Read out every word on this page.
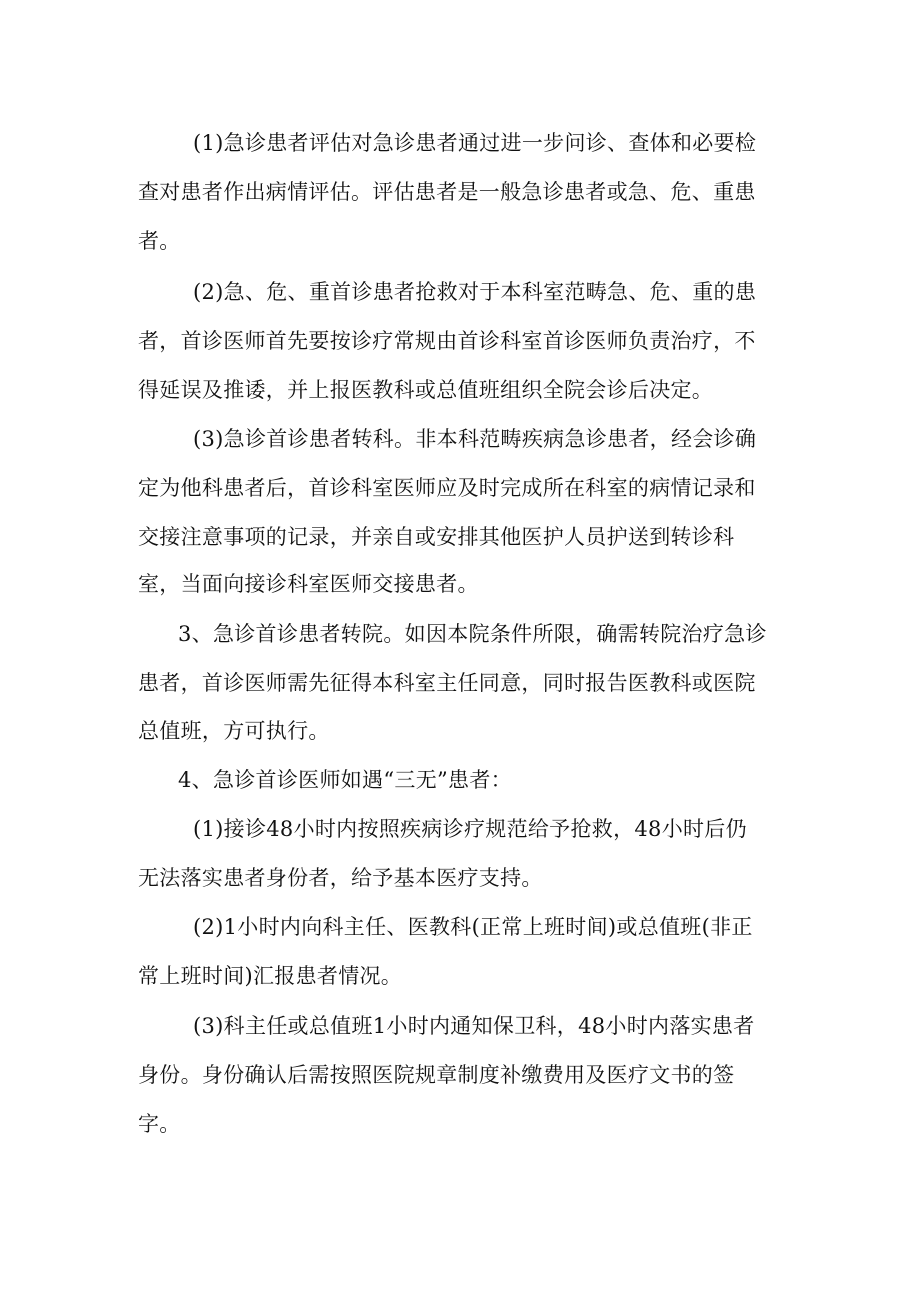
(1)急诊患者评估对急诊患者通过进一步问诊、查体和必要检
查对患者作出病情评估。评估患者是一般急诊患者或急、危、重患
者。
(2)急、危、重首诊患者抢救对于本科室范畴急、危、重的患
者，首诊医师首先要按诊疗常规由首诊科室首诊医师负责治疗，不
得延误及推诿，并上报医教科或总值班组织全院会诊后决定。
(3)急诊首诊患者转科。非本科范畴疾病急诊患者，经会诊确
定为他科患者后，首诊科室医师应及时完成所在科室的病情记录和
交接注意事项的记录，并亲自或安排其他医护人员护送到转诊科
室，当面向接诊科室医师交接患者。
3、急诊首诊患者转院。如因本院条件所限，确需转院治疗急诊
患者，首诊医师需先征得本科室主任同意，同时报告医教科或医院
总值班，方可执行。
4、急诊首诊医师如遇“三无”患者：
(1)接诊48小时内按照疾病诊疗规范给予抢救，48小时后仍
无法落实患者身份者，给予基本医疗支持。
(2)1小时内向科主任、医教科(正常上班时间)或总值班(非正
常上班时间)汇报患者情况。
(3)科主任或总值班1小时内通知保卫科，48小时内落实患者
身份。身份确认后需按照医院规章制度补缴费用及医疗文书的签
字。
